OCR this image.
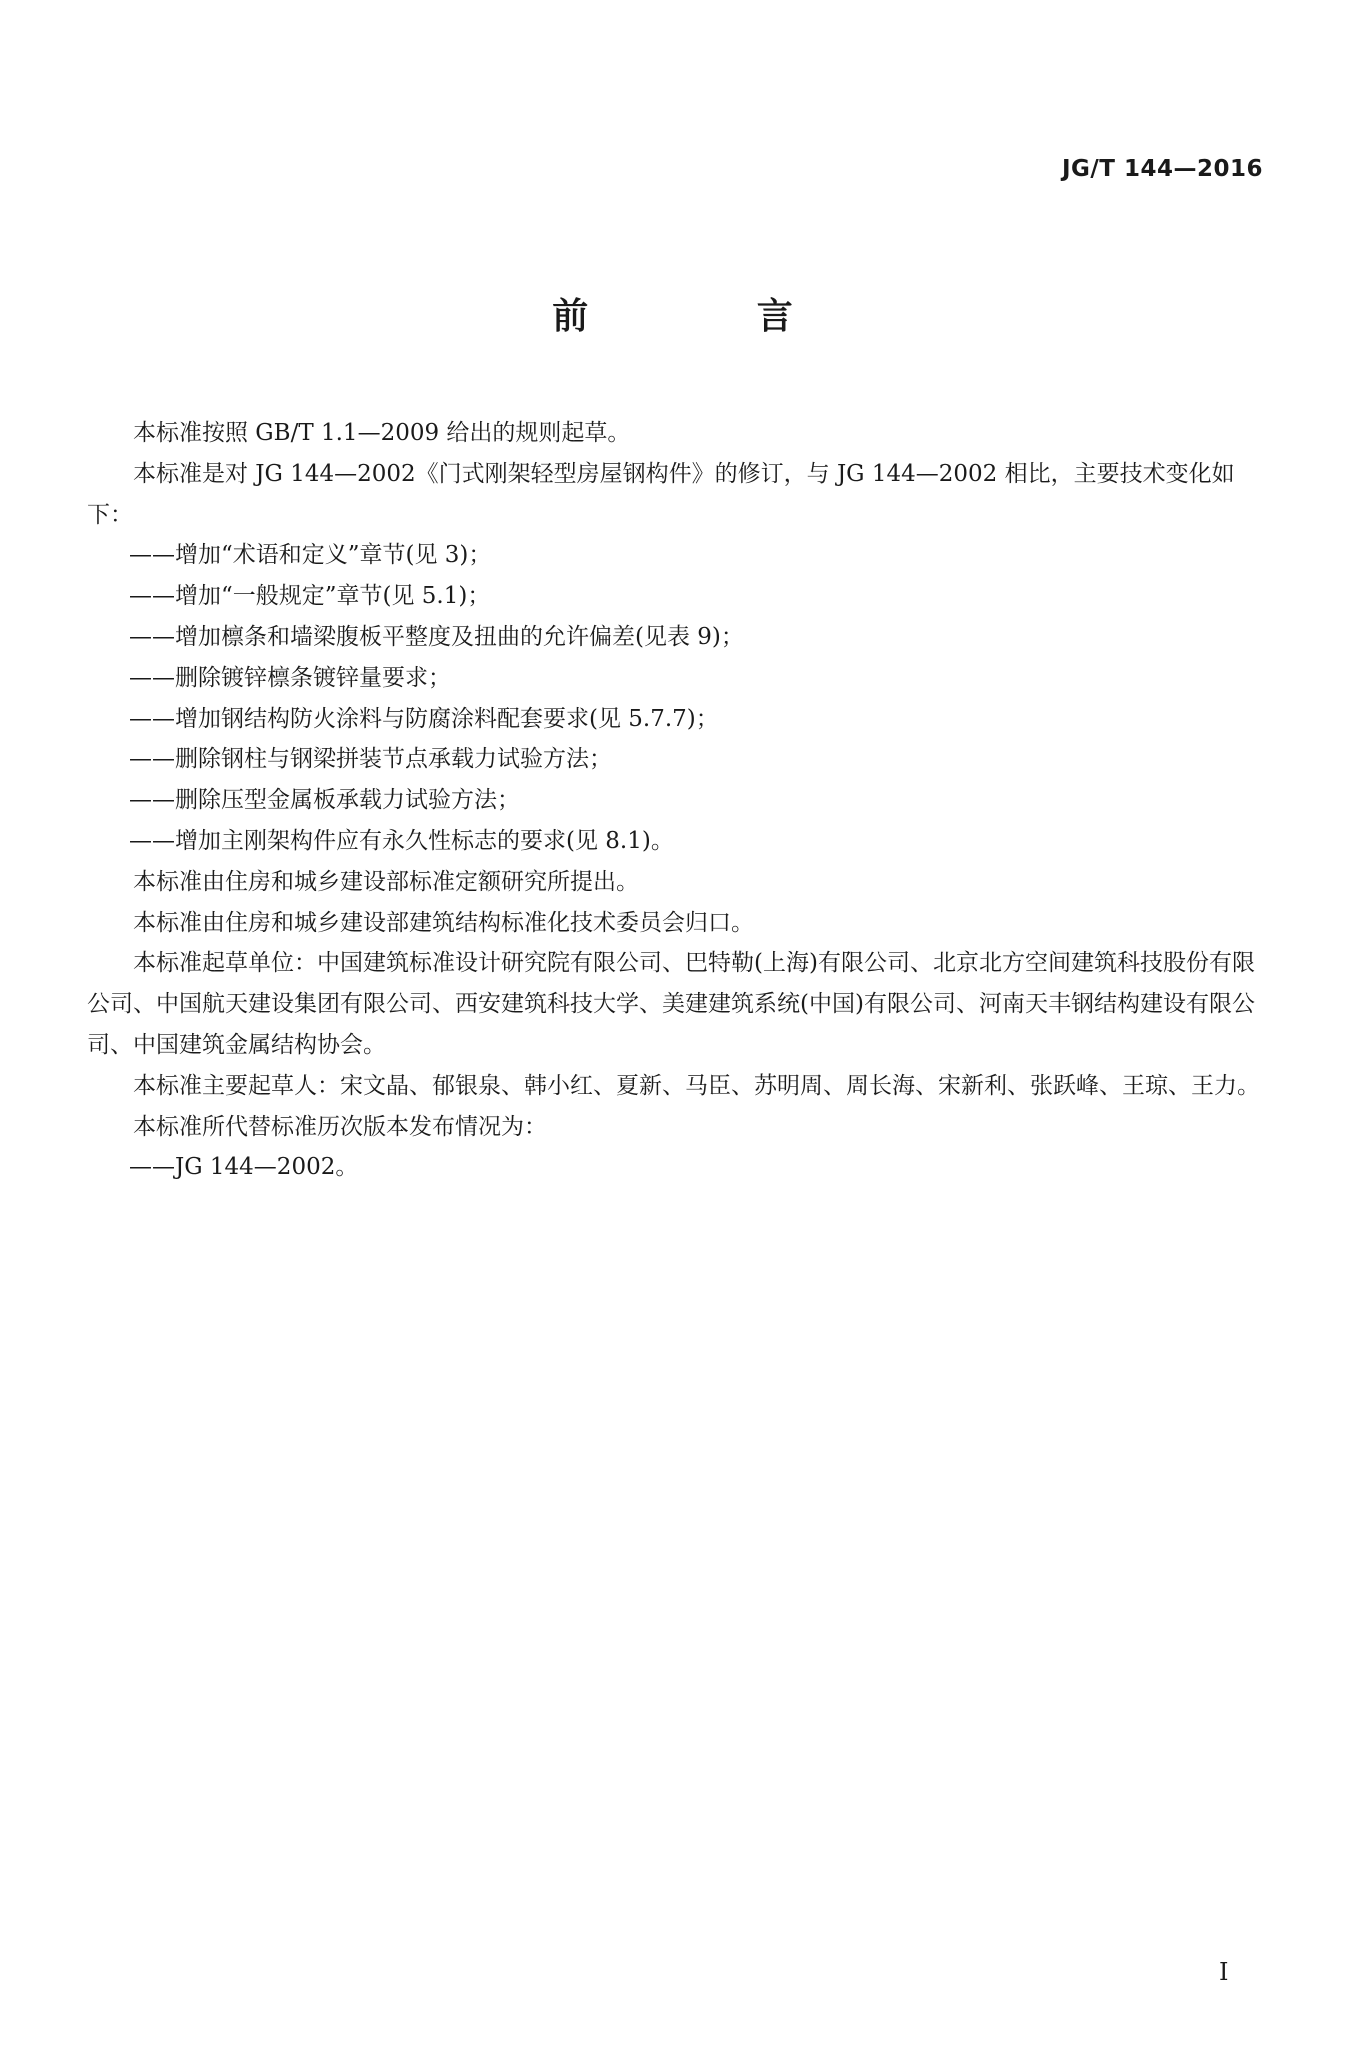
JG/T 144—2016
前 言

本标准按照 GB/T 1.1—2009 给出的规则起草。

本标准是对 JG 144—2002《门式刚架轻型房屋钢构件》的修订，与 JG 144—2002 相比，主要技术变化如下：

——增加“术语和定义”章节(见 3)；

——增加“一般规定”章节(见 5.1)；

——增加檩条和墙梁腹板平整度及扭曲的允许偏差(见表 9)；

——删除镀锌檩条镀锌量要求；

——增加钢结构防火涂料与防腐涂料配套要求(见 5.7.7)；

——删除钢柱与钢梁拼装节点承载力试验方法；

——删除压型金属板承载力试验方法；

——增加主刚架构件应有永久性标志的要求(见 8.1)。

本标准由住房和城乡建设部标准定额研究所提出。

本标准由住房和城乡建设部建筑结构标准化技术委员会归口。

本标准起草单位：中国建筑标准设计研究院有限公司、巴特勒(上海)有限公司、北京北方空间建筑科技股份有限公司、中国航天建设集团有限公司、西安建筑科技大学、美建建筑系统(中国)有限公司、河南天丰钢结构建设有限公司、中国建筑金属结构协会。

本标准主要起草人：宋文晶、郁银泉、韩小红、夏新、马臣、苏明周、周长海、宋新利、张跃峰、王琼、王力。

本标准所代替标准历次版本发布情况为：

——JG 144—2002。

I
